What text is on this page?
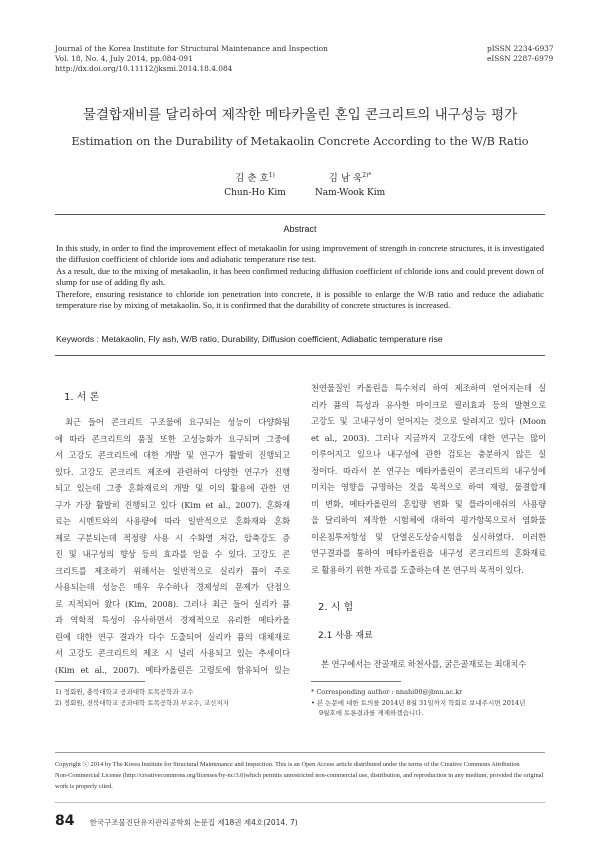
Journal of the Korea Institute for Structural Maintenance and Inspection
Vol. 18, No. 4, July 2014, pp.084-091
http://dx.doi.org/10.11112/jksmi.2014.18.4.084
pISSN 2234-6937
eISSN 2287-6979
물결합재비를 달리하여 제작한 메타카올린 혼입 콘크리트의 내구성능 평가
Estimation on the Durability of Metakaolin Concrete According to the W/B Ratio
김 춘 호$^{1)}$
Chun-Ho Kim
김 남 욱$^{2)*}$
Nam-Wook Kim
Abstract

In this study, in order to find the improvement effect of metakaolin for using improvement of strength in concrete structures, it is investigated the diffusion coefficient of chloride ions and adiabatic temperature rise test.

As a result, due to the mixing of metakaolin, it has been confirmed reducing diffusion coefficient of chloride ions and could prevent down of slump for use of adding fly ash.

Therefore, ensuring resistance to chloride ion penetration into concrete, it is possible to enlarge the W/B ratio and reduce the adiabatic temperature rise by mixing of metakaolin. So, it is confirmed that the durability of concrete structures is increased.

Keywords : Metakaolin, Fly ash, W/B ratio, Durability, Diffusion coefficient, Adiabatic temperature rise
1. 서 론
최근 들어 콘크리트 구조물에 요구되는 성능이 다양화됨
에 따라 콘크리트의 품질 또한 고성능화가 요구되며 그중에
서 고강도 콘크리트에 대한 개발 및 연구가 활발히 진행되고
있다. 고강도 콘크리트 제조에 관련하여 다양한 연구가 진행
되고 있는데 그중 혼화재료의 개발 및 이의 활용에 관한 연
구가 가장 활발히 진행되고 있다 (Kim et al., 2007). 혼화재
료는 시멘트와의 사용량에 따라 일반적으로 혼화재와 혼화
제로 구분되는데 적정량 사용 시 수화열 저감, 압축강도 증
진 및 내구성의 향상 등의 효과를 얻을 수 있다. 고강도 콘
크리트를 제조하기 위해서는 일반적으로 실리카 퓸이 주로
사용되는데 성능은 매우 우수하나 경제성의 문제가 단점으
로 지적되어 왔다 (Kim, 2008). 그러나 최근 들어 실리카 퓸
과 역학적 특성이 유사하면서 경제적으로 유리한 메타카올
린에 대한 연구 결과가 다수 도출되어 실리카 퓸의 대체재로
서 고강도 콘크리트의 제조 시 널리 사용되고 있는 추세이다
(Kim et al., 2007). 메타카올린은 고령토에 함유되어 있는
1) 정회원, 충북대학교 공과대학 토목공학과 교수
2) 정회원, 전북대학교 공과대학 토목공학과 부교수, 교신저자
천연물질인 카올린을 특수처리 하여 제조하여 얻어지는데 실
리카 퓸의 특성과 유사한 마이크로 필러효과 등의 발현으로
고강도 및 고내구성이 얻어지는 것으로 알려지고 있다 (Moon
et al., 2003). 그러나 지금까지 고강도에 대한 연구는 많이
이루어지고 있으나 내구성에 관한 검토는 충분하지 않은 실
정이다. 따라서 본 연구는 메타카올린이 콘크리트의 내구성에
미치는 영향을 규명하는 것을 목적으로 하여 재령, 물결합재
비 변화, 메타카올린의 혼입량 변화 및 플라이애쉬의 사용량
을 달리하여 제작한 시험체에 대하여 평가항목으로서 염화물
이온침투저항성 및 단열온도상승시험을 실시하였다. 이러한
연구결과를 통하여 메타카올린을 내구성 콘크리트의 혼화재료
로 활용하기 위한 자료를 도출하는데 본 연구의 목적이 있다.
2. 시 험
2.1 사용 재료
본 연구에서는 잔골재로 하천사를, 굵은골재로는 최대치수
* Corresponding author : nnahi00@jbnu.ac.kr
• 본 논문에 대한 토의를 2014년 8월 31일까지 학회로 보내주시면 2014년
9월호에 토론결과를 게재하겠습니다.
Copyright ⓒ 2014 by The Korea Institute for Structural Maintenance and Inspection. This is an Open Access article distributed under the terms of the Creative Commons Attribution
Non-Commercial License (http://creativecommons.org/licenses/by-nc/3.0)which permits unrestricted non-commercial use, distribution, and reproduction in any medium, provided the original
work is properly cited.
84 한국구조물진단유지관리공학회 논문집 제18권 제4호(2014. 7)
